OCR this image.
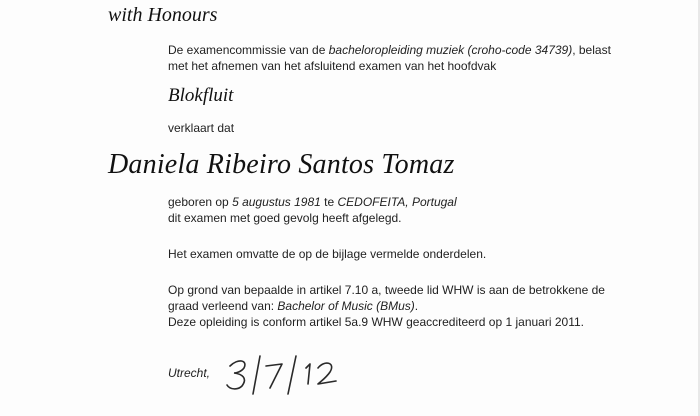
with Honours
De examencommissie van de bacheloropleiding muziek (croho-code 34739), belast
met het afnemen van het afsluitend examen van het hoofdvak
Blokfluit
verklaart dat
Daniela Ribeiro Santos Tomaz
geboren op 5 augustus 1981 te CEDOFEITA, Portugal
dit examen met goed gevolg heeft afgelegd.
Het examen omvatte de op de bijlage vermelde onderdelen.
Op grond van bepaalde in artikel 7.10 a, tweede lid WHW is aan de betrokkene de
graad verleend van: Bachelor of Music (BMus).
Deze opleiding is conform artikel 5a.9 WHW geaccrediteerd op 1 januari 2011.
Utrecht,
